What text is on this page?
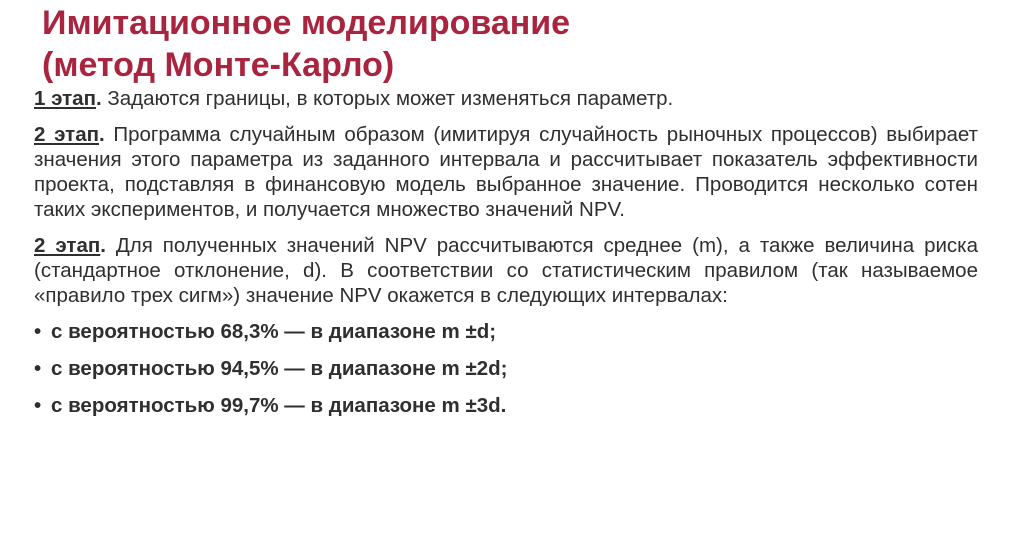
Имитационное моделирование
(метод Монте-Карло)

1 этап. Задаются границы, в которых может изменяться параметр.

2 этап. Программа случайным образом (имитируя случайность рыночных процессов) выбирает значения этого параметра из заданного интервала и рассчитывает показатель эффективности проекта, подставляя в финансовую модель выбранное значение. Проводится несколько сотен таких экспериментов, и получается множество значений NPV.

2 этап. Для полученных значений NPV рассчитываются среднее (m), а также величина риска (стандартное отклонение, d). В соответствии со статистическим правилом (так называемое «правило трех сигм») значение NPV окажется в следующих интервалах:

• с вероятностью 68,3% — в диапазоне m ±d;
• с вероятностью 94,5% — в диапазоне m ±2d;
• с вероятностью 99,7% — в диапазоне m ±3d.
